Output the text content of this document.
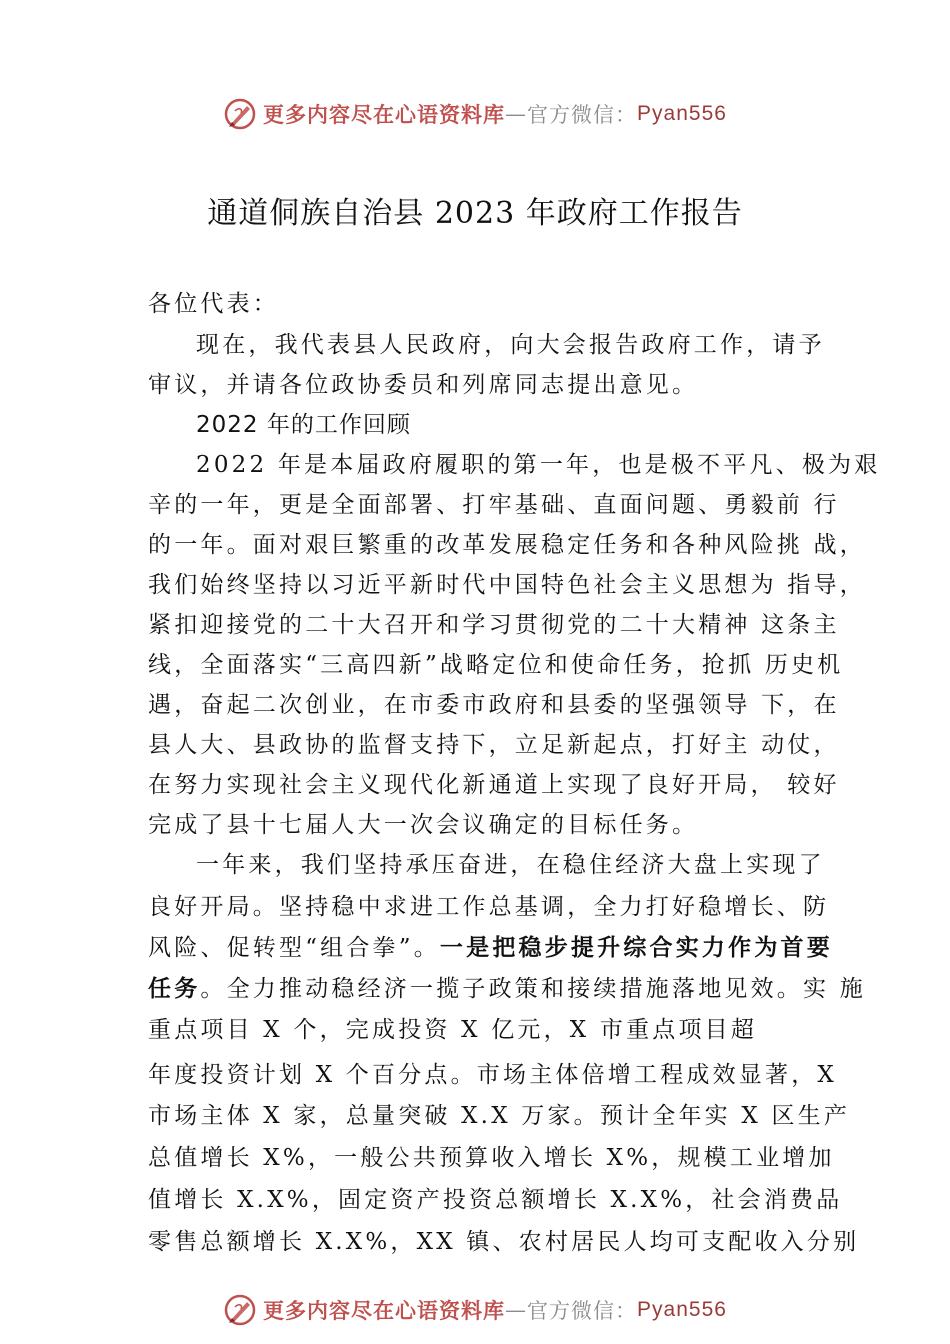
更多内容尽在心语资料库 — 官方微信： Pyan556
通道侗族自治县 2023 年政府工作报告
各位代表：
现在，我代表县人民政府，向大会报告政府工作，请予
审议，并请各位政协委员和列席同志提出意见。
2022 年的工作回顾
2022 年是本届政府履职的第一年，也是极不平凡、极为艰
辛的一年，更是全面部署、打牢基础、直面问题、勇毅前 行
的一年。面对艰巨繁重的改革发展稳定任务和各种风险挑 战，
我们始终坚持以习近平新时代中国特色社会主义思想为 指导，
紧扣迎接党的二十大召开和学习贯彻党的二十大精神 这条主
线，全面落实“三高四新”战略定位和使命任务，抢抓 历史机
遇，奋起二次创业，在市委市政府和县委的坚强领导 下，在
县人大、县政协的监督支持下，立足新起点，打好主 动仗，
在努力实现社会主义现代化新通道上实现了良好开局， 较好
完成了县十七届人大一次会议确定的目标任务。
一年来，我们坚持承压奋进，在稳住经济大盘上实现了
良好开局。坚持稳中求进工作总基调，全力打好稳增长、防
风险、促转型“组合拳”。一是把稳步提升综合实力作为首要
任务。全力推动稳经济一揽子政策和接续措施落地见效。实 施
重点项目 X 个，完成投资 X 亿元，X 市重点项目超
年度投资计划 X 个百分点。市场主体倍增工程成效显著，X
市场主体 X 家，总量突破 X.X 万家。预计全年实 X 区生产
总值增长 X%，一般公共预算收入增长 X%，规模工业增加
值增长 X.X%，固定资产投资总额增长 X.X%，社会消费品
零售总额增长 X.X%，XX 镇、农村居民人均可支配收入分别
更多内容尽在心语资料库 — 官方微信： Pyan556
